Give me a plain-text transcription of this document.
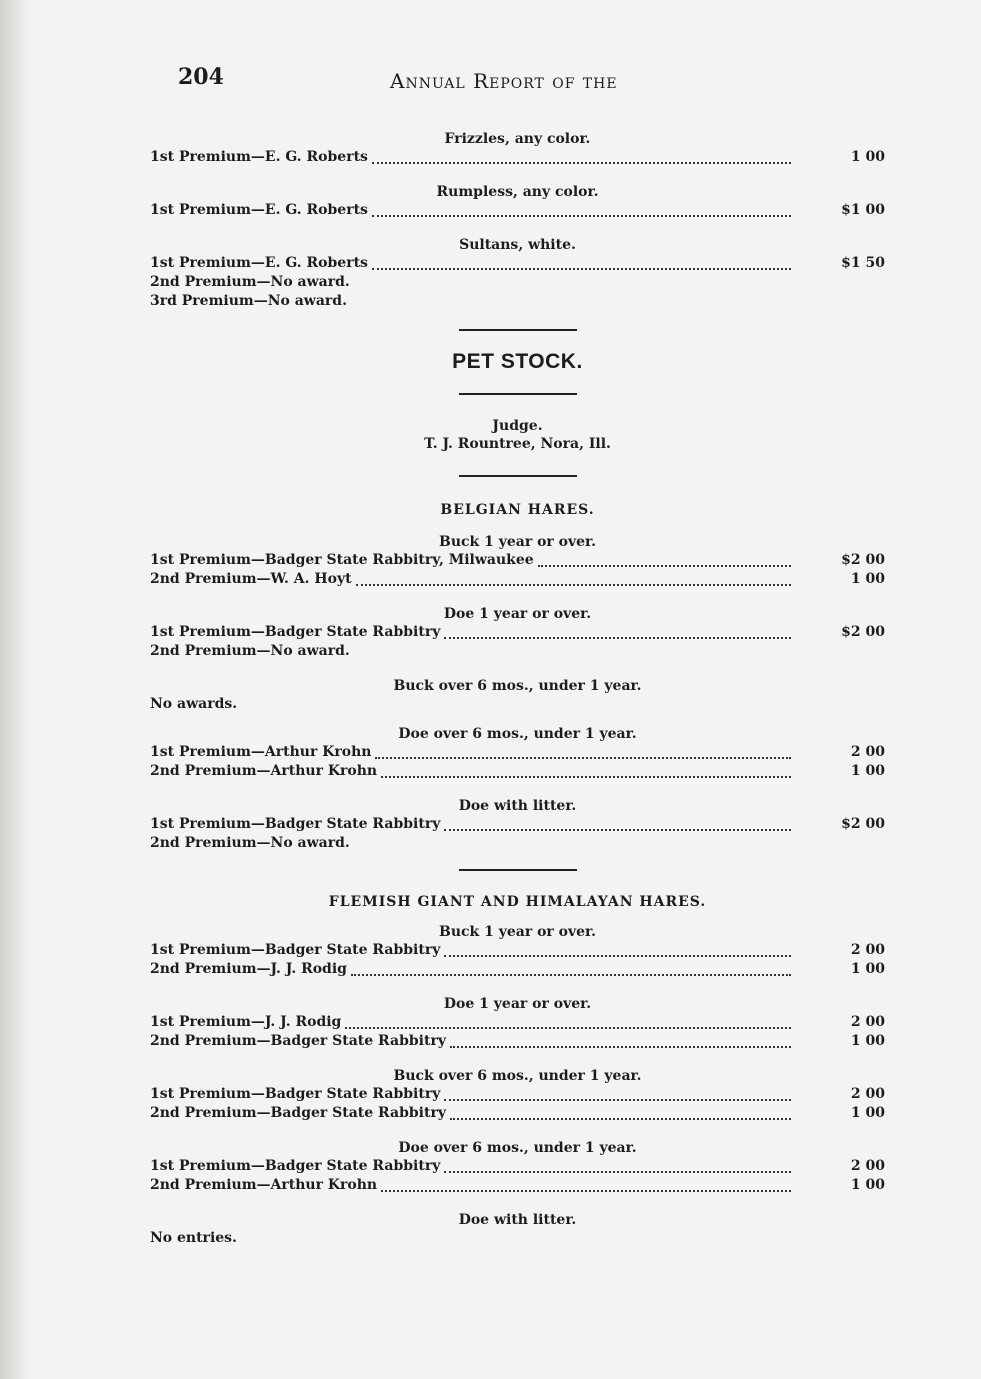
204	Annual Report of the

Frizzles, any color.

1st Premium—E. G. Roberts	1 00

Rumpless, any color.

1st Premium—E. G. Roberts	$1 00

Sultans, white.

1st Premium—E. G. Roberts	$1 50
2nd Premium—No award.
3rd Premium—No award.
PET STOCK.
Judge.
T. J. Rountree, Nora, Ill.
BELGIAN HARES.

Buck 1 year or over.

1st Premium—Badger State Rabbitry, Milwaukee	$2 00
2nd Premium—W. A. Hoyt	1 00

Doe 1 year or over.

1st Premium—Badger State Rabbitry	$2 00
2nd Premium—No award.

Buck over 6 mos., under 1 year.

No awards.

Doe over 6 mos., under 1 year.

1st Premium—Arthur Krohn	2 00
2nd Premium—Arthur Krohn	1 00

Doe with litter.

1st Premium—Badger State Rabbitry	$2 00
2nd Premium—No award.
FLEMISH GIANT AND HIMALAYAN HARES.

Buck 1 year or over.

1st Premium—Badger State Rabbitry	2 00
2nd Premium—J. J. Rodig	1 00

Doe 1 year or over.

1st Premium—J. J. Rodig	2 00
2nd Premium—Badger State Rabbitry	1 00

Buck over 6 mos., under 1 year.

1st Premium—Badger State Rabbitry	2 00
2nd Premium—Badger State Rabbitry	1 00

Doe over 6 mos., under 1 year.

1st Premium—Badger State Rabbitry	2 00
2nd Premium—Arthur Krohn	1 00

Doe with litter.

No entries.
